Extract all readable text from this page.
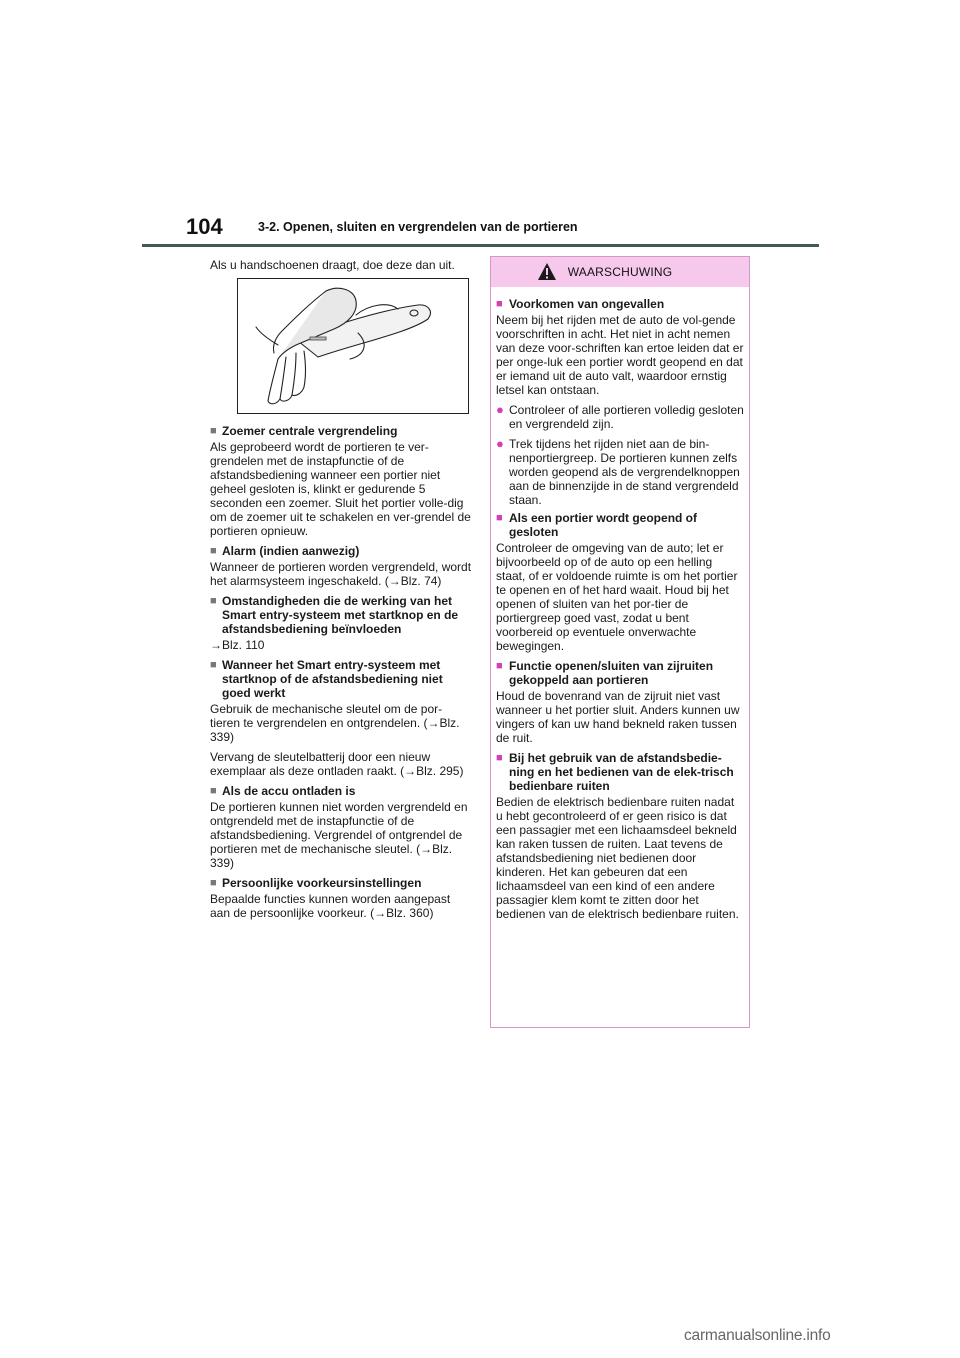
104	3-2. Openen, sluiten en vergrendelen van de portieren

Als u handschoenen draagt, doe deze dan uit.

■ Zoemer centrale vergrendeling

Als geprobeerd wordt de portieren te ver-grendelen met de instapfunctie of de afstandsbediening wanneer een portier niet geheel gesloten is, klinkt er gedurende 5 seconden een zoemer. Sluit het portier volle-dig om de zoemer uit te schakelen en ver-grendel de portieren opnieuw.

■ Alarm (indien aanwezig)

Wanneer de portieren worden vergrendeld, wordt het alarmsysteem ingeschakeld. (→Blz. 74)

■ Omstandigheden die de werking van het Smart entry-systeem met startknop en de afstandsbediening beïnvloeden

→Blz. 110

■ Wanneer het Smart entry-systeem met startknop of de afstandsbediening niet goed werkt

Gebruik de mechanische sleutel om de por-tieren te vergrendelen en ontgrendelen. (→Blz. 339)

Vervang de sleutelbatterij door een nieuw exemplaar als deze ontladen raakt. (→Blz. 295)

■ Als de accu ontladen is

De portieren kunnen niet worden vergrendeld en ontgrendeld met de instapfunctie of de afstandsbediening. Vergrendel of ontgrendel de portieren met de mechanische sleutel. (→Blz. 339)

■ Persoonlijke voorkeursinstellingen

Bepaalde functies kunnen worden aangepast aan de persoonlijke voorkeur. (→Blz. 360)

WAARSCHUWING
■ Voorkomen van ongevallen

Neem bij het rijden met de auto de vol-gende voorschriften in acht. Het niet in acht nemen van deze voor-schriften kan ertoe leiden dat er per onge-luk een portier wordt geopend en dat er iemand uit de auto valt, waardoor ernstig letsel kan ontstaan.

● Controleer of alle portieren volledig gesloten en vergrendeld zijn.
● Trek tijdens het rijden niet aan de bin-nenportiergreep. De portieren kunnen zelfs worden geopend als de vergrendelknoppen aan de binnenzijde in de stand vergrendeld staan.
■ Als een portier wordt geopend of gesloten

Controleer de omgeving van de auto; let er bijvoorbeeld op of de auto op een helling staat, of er voldoende ruimte is om het portier te openen en of het hard waait. Houd bij het openen of sluiten van het por-tier de portiergreep goed vast, zodat u bent voorbereid op eventuele onverwachte bewegingen.

■ Functie openen/sluiten van zijruiten gekoppeld aan portieren

Houd de bovenrand van de zijruit niet vast wanneer u het portier sluit. Anders kunnen uw vingers of kan uw hand bekneld raken tussen de ruit.

■ Bij het gebruik van de afstandsbedie-ning en het bedienen van de elek-trisch bedienbare ruiten

Bedien de elektrisch bedienbare ruiten nadat u hebt gecontroleerd of er geen risico is dat een passagier met een lichaamsdeel bekneld kan raken tussen de ruiten. Laat tevens de afstandsbediening niet bedienen door kinderen. Het kan gebeuren dat een lichaamsdeel van een kind of een andere passagier klem komt te zitten door het bedienen van de elektrisch bedienbare ruiten.

carmanualsonline.info
